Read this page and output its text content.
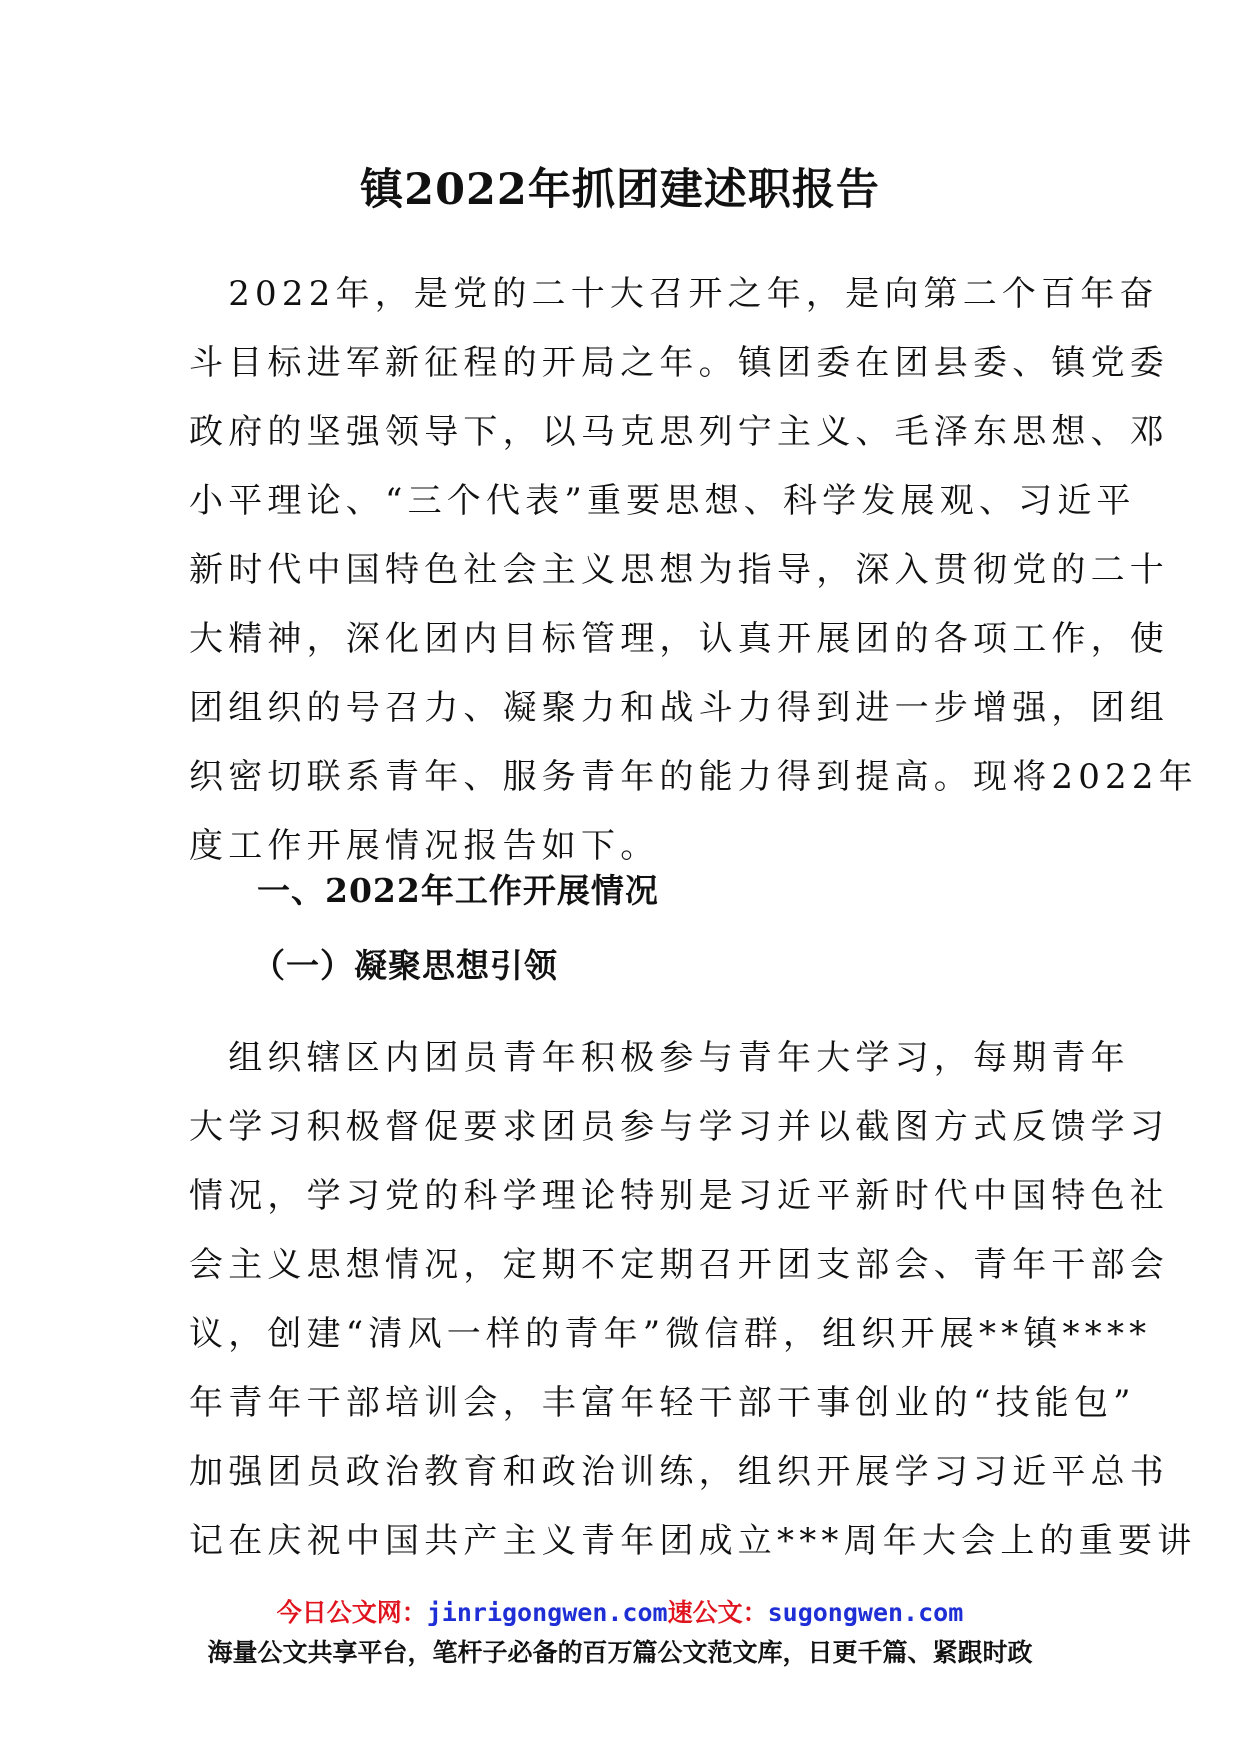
镇2022年抓团建述职报告
　2022年，是党的二十大召开之年，是向第二个百年奋
斗目标进军新征程的开局之年。镇团委在团县委、镇党委
政府的坚强领导下，以马克思列宁主义、毛泽东思想、邓
小平理论、“三个代表”重要思想、科学发展观、习近平
新时代中国特色社会主义思想为指导，深入贯彻党的二十
大精神，深化团内目标管理，认真开展团的各项工作，使
团组织的号召力、凝聚力和战斗力得到进一步增强，团组
织密切联系青年、服务青年的能力得到提高。现将2022年
度工作开展情况报告如下。
一、2022年工作开展情况
（一）凝聚思想引领
　组织辖区内团员青年积极参与青年大学习，每期青年
大学习积极督促要求团员参与学习并以截图方式反馈学习
情况，学习党的科学理论特别是习近平新时代中国特色社
会主义思想情况，定期不定期召开团支部会、青年干部会
议，创建“清风一样的青年”微信群，组织开展**镇****
年青年干部培训会，丰富年轻干部干事创业的“技能包”
加强团员政治教育和政治训练，组织开展学习习近平总书
记在庆祝中国共产主义青年团成立***周年大会上的重要讲
今日公文网：jinrigongwen.com速公文：sugongwen.com
海量公文共享平台，笔杆子必备的百万篇公文范文库，日更千篇、紧跟时政
